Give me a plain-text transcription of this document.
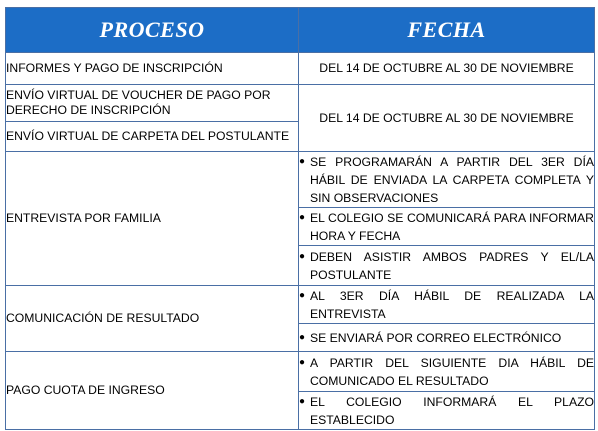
PROCESO	FECHA
INFORMES Y PAGO DE INSCRIPCIÓN	DEL 14 DE OCTUBRE AL 30 DE NOVIEMBRE
ENVÍO VIRTUAL DE VOUCHER DE PAGO POR DERECHO DE INSCRIPCIÓN	DEL 14 DE OCTUBRE AL 30 DE NOVIEMBRE
ENVÍO VIRTUAL DE CARPETA DEL POSTULANTE	
ENTREVISTA POR FAMILIA	● SE PROGRAMARÁN A PARTIR DEL 3ER DÍA HÁBIL DE ENVIADA LA CARPETA COMPLETA Y SIN OBSERVACIONES

	● EL COLEGIO SE COMUNICARÁ PARA INFORMAR HORA Y FECHA

	● DEBEN ASISTIR AMBOS PADRES Y EL/LA POSTULANTE

COMUNICACIÓN DE RESULTADO	● AL 3ER DÍA HÁBIL DE REALIZADA LA ENTREVISTA

	● SE ENVIARÁ POR CORREO ELECTRÓNICO

PAGO CUOTA DE INGRESO	● A PARTIR DEL SIGUIENTE DIA HÁBIL DE COMUNICADO EL RESULTADO

	● EL COLEGIO INFORMARÁ EL PLAZO ESTABLECIDO
